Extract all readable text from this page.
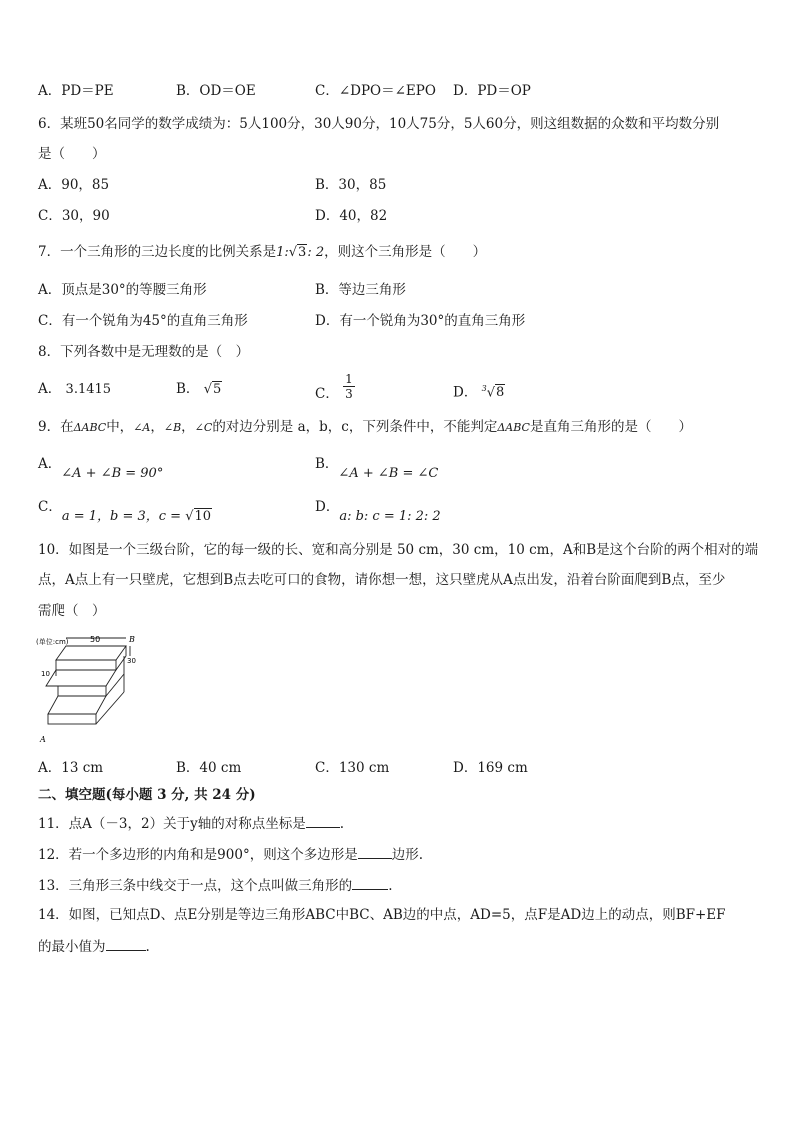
A．PD＝PE	B．OD＝OE	C．∠DPO＝∠EPO D．PD＝OP
6．某班50名同学的数学成绩为：5人100分，30人90分，10人75分，5人60分，则这组数据的众数和平均数分别
是（　　）
A．90，85	B．30，85
C．30，90	D．40，82
7．一个三角形的三边长度的比例关系是1:√3: 2，则这个三角形是（　　）
A．顶点是30°的等腰三角形	B．等边三角形
C．有一个锐角为45°的直角三角形	D．有一个锐角为30°的直角三角形
8．下列各数中是无理数的是（　）
A． 3.1415	B． √5	C． $\frac{1}{3}$	D． $^3$√8
9．在ΔABC中，∠A，∠B，∠C的对边分别是 a，b，c，下列条件中，不能判定ΔABC是直角三角形的是（　　）
A．∠A + ∠B = 90°
B．∠A + ∠B = ∠C
C．a = 1，b = 3，c = √10
D．a: b: c = 1: 2: 2
10．如图是一个三级台阶，它的每一级的长、宽和高分别是 50 cm，30 cm，10 cm，A和B是这个台阶的两个相对的端
点，A点上有一只壁虎，它想到B点去吃可口的食物，请你想一想，这只壁虎从A点出发，沿着台阶面爬到B点，至少
需爬（　）
(单位:cm)	50
30
10
A
B
A．13 cm	B．40 cm	C．130 cm	D．169 cm
二、填空题(每小题 3 分, 共 24 分)
11．点A（－3，2）关于y轴的对称点坐标是	.
12．若一个多边形的内角和是900°，则这个多边形是	边形.
13．三角形三条中线交于一点，这个点叫做三角形的	.
14．如图，已知点D、点E分别是等边三角形ABC中BC、AB边的中点，AD=5，点F是AD边上的动点，则BF+EF
的最小值为	.
